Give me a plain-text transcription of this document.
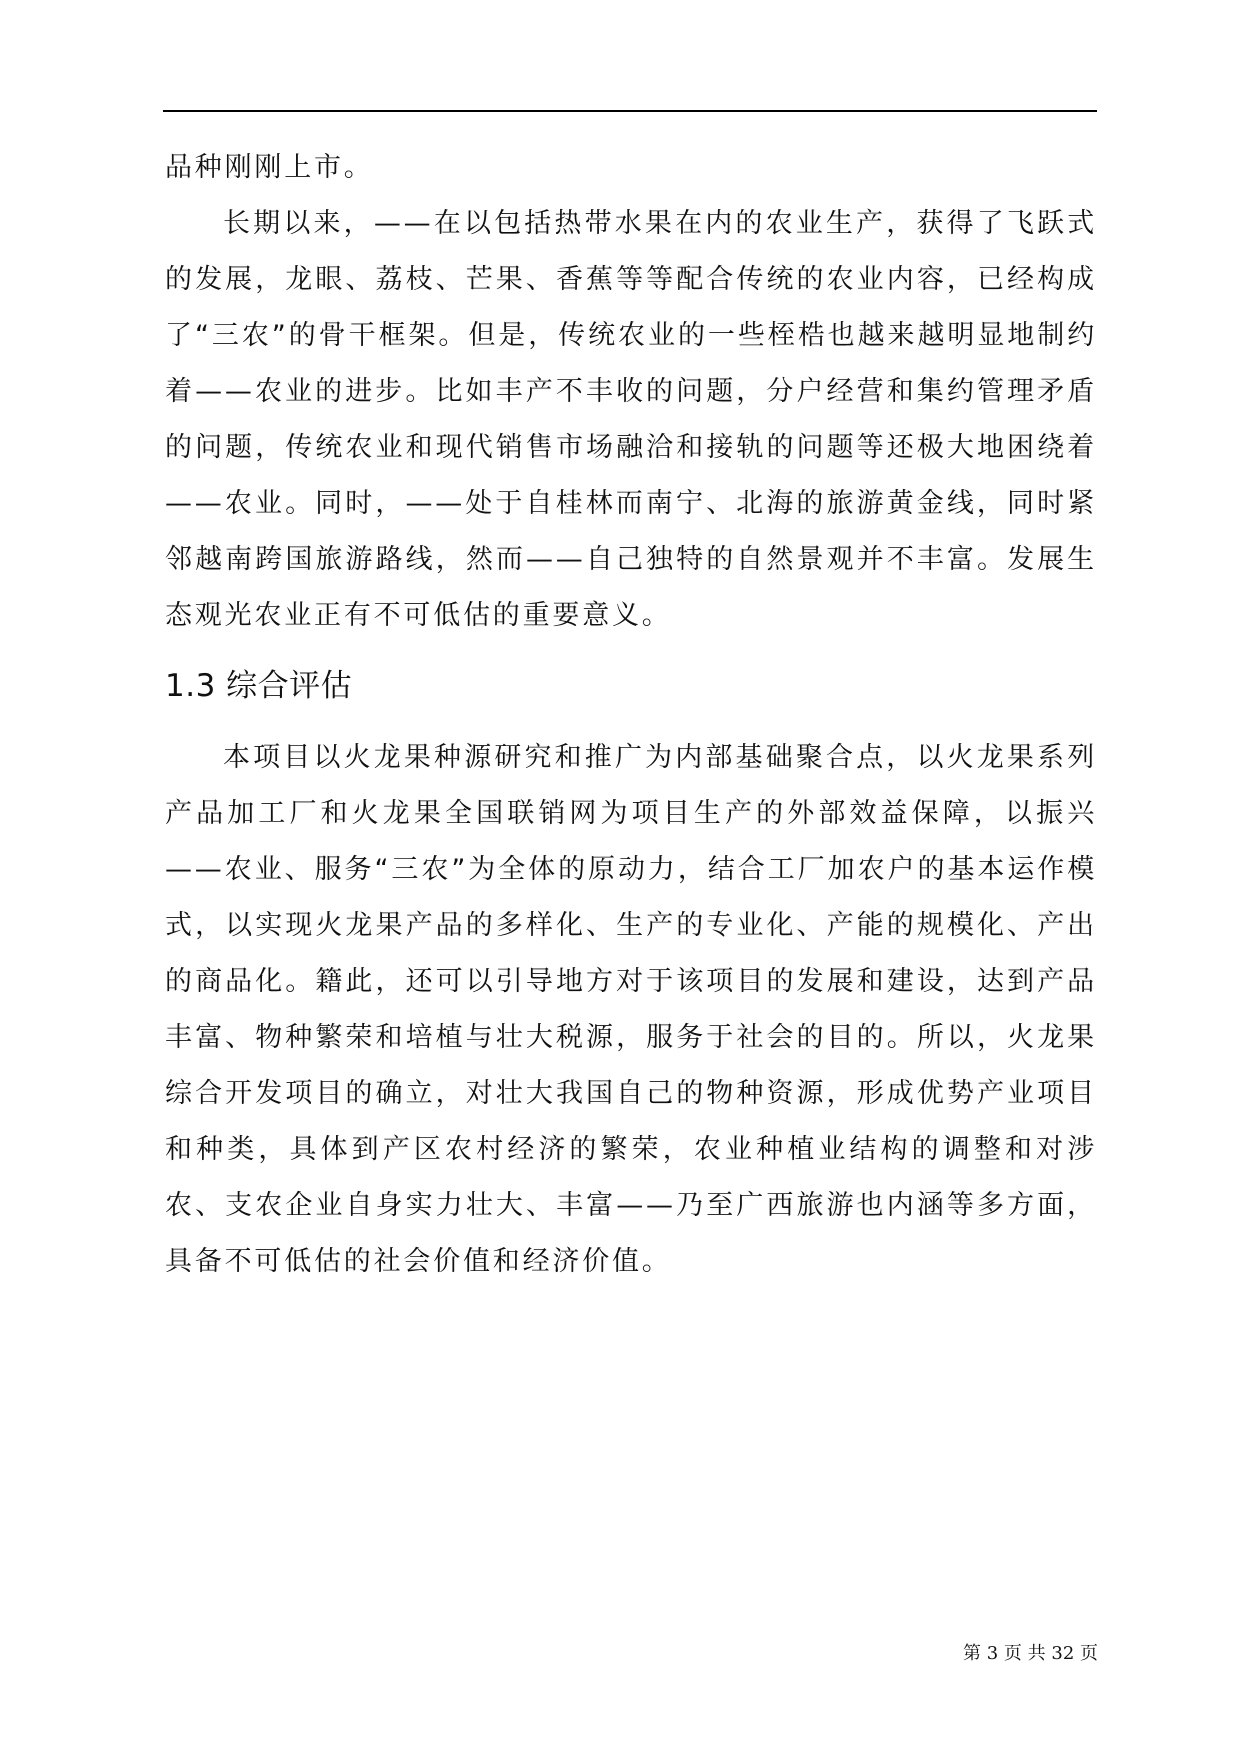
品种刚刚上市。

长期以来，——在以包括热带水果在内的农业生产，获得了飞跃式的发展，龙眼、荔枝、芒果、香蕉等等配合传统的农业内容，已经构成了“三农”的骨干框架。但是，传统农业的一些桎梏也越来越明显地制约着——农业的进步。比如丰产不丰收的问题，分户经营和集约管理矛盾的问题，传统农业和现代销售市场融洽和接轨的问题等还极大地困绕着——农业。同时，——处于自桂林而南宁、北海的旅游黄金线，同时紧邻越南跨国旅游路线，然而——自己独特的自然景观并不丰富。发展生态观光农业正有不可低估的重要意义。

1.3 综合评估

本项目以火龙果种源研究和推广为内部基础聚合点，以火龙果系列产品加工厂和火龙果全国联销网为项目生产的外部效益保障，以振兴——农业、服务“三农”为全体的原动力，结合工厂加农户的基本运作模式，以实现火龙果产品的多样化、生产的专业化、产能的规模化、产出的商品化。籍此，还可以引导地方对于该项目的发展和建设，达到产品丰富、物种繁荣和培植与壮大税源，服务于社会的目的。所以，火龙果综合开发项目的确立，对壮大我国自己的物种资源，形成优势产业项目和种类，具体到产区农村经济的繁荣，农业种植业结构的调整和对涉农、支农企业自身实力壮大、丰富——乃至广西旅游也内涵等多方面，具备不可低估的社会价值和经济价值。

第 3 页 共 32 页
